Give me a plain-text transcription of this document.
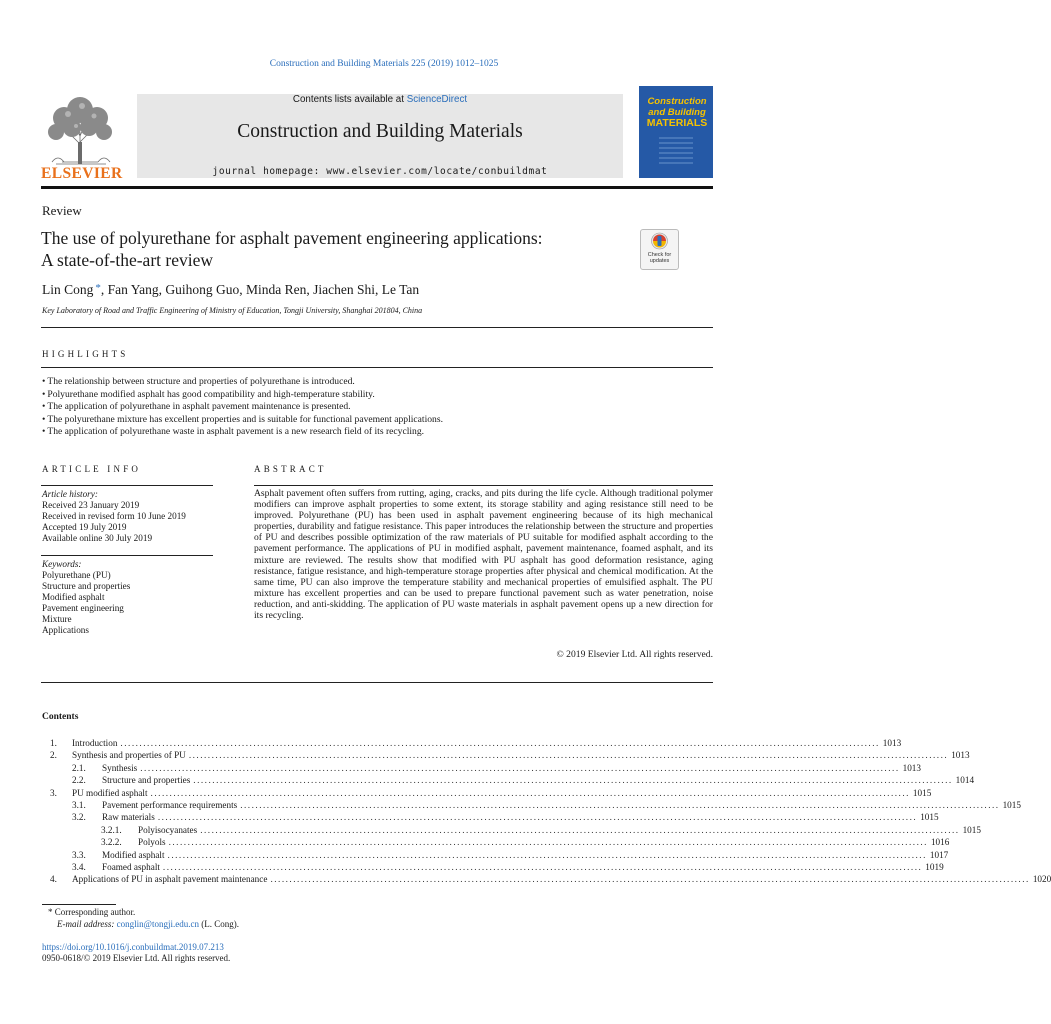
Construction and Building Materials 225 (2019) 1012–1025
ELSEVIER
Contents lists available at ScienceDirect
Construction and Building Materials
journal homepage: www.elsevier.com/locate/conbuildmat
Construction
and Building
MATERIALS
Review
The use of polyurethane for asphalt pavement engineering applications:
A state-of-the-art review	Check for
updates
Lin Cong *, Fan Yang, Guihong Guo, Minda Ren, Jiachen Shi, Le Tan
Key Laboratory of Road and Traffic Engineering of Ministry of Education, Tongji University, Shanghai 201804, China
HIGHLIGHTS
• The relationship between structure and properties of polyurethane is introduced.
• Polyurethane modified asphalt has good compatibility and high-temperature stability.
• The application of polyurethane in asphalt pavement maintenance is presented.
• The polyurethane mixture has excellent properties and is suitable for functional pavement applications.
• The application of polyurethane waste in asphalt pavement is a new research field of its recycling.
ARTICLE INFO
Article history:
Received 23 January 2019
Received in revised form 10 June 2019
Accepted 19 July 2019
Available online 30 July 2019
Keywords:
Polyurethane (PU)
Structure and properties
Modified asphalt
Pavement engineering
Mixture
Applications
ABSTRACT
Asphalt pavement often suffers from rutting, aging, cracks, and pits during the life cycle. Although traditional polymer modifiers can improve asphalt properties to some extent, its storage stability and aging resistance still need to be improved. Polyurethane (PU) has been used in asphalt pavement engineering because of its high mechanical properties, durability and fatigue resistance. This paper introduces the relationship between the structure and properties of PU and describes possible optimization of the raw materials of PU suitable for modified asphalt according to the pavement performance. The applications of PU in modified asphalt, pavement maintenance, foamed asphalt, and its mixture are reviewed. The results show that modified with PU asphalt has good deformation resistance, aging resistance, fatigue resistance, and high-temperature storage properties after physical and chemical modification. At the same time, PU can also improve the temperature stability and mechanical properties of emulsified asphalt. The PU mixture has excellent properties and can be used to prepare functional pavement such as water penetration, noise reduction, and anti-skidding. The application of PU waste materials in asphalt pavement opens up a new direction for its recycling.
© 2019 Elsevier Ltd. All rights reserved.
Contents
1. Introduction ........................................................................................................................................................................................................ 1013
2. Synthesis and properties of PU ........................................................................................................................................................................................................ 1013
2.1. Synthesis ........................................................................................................................................................................................................ 1013
2.2. Structure and properties ........................................................................................................................................................................................................ 1014
3. PU modified asphalt ........................................................................................................................................................................................................ 1015
3.1. Pavement performance requirements ........................................................................................................................................................................................................ 1015
3.2. Raw materials ........................................................................................................................................................................................................ 1015
3.2.1. Polyisocyanates ........................................................................................................................................................................................................ 1015
3.2.2. Polyols ........................................................................................................................................................................................................ 1016
3.3. Modified asphalt ........................................................................................................................................................................................................ 1017
3.4. Foamed asphalt ........................................................................................................................................................................................................ 1019
4. Applications of PU in asphalt pavement maintenance ........................................................................................................................................................................................................ 1020
* Corresponding author.
E-mail address: conglin@tongji.edu.cn (L. Cong).
https://doi.org/10.1016/j.conbuildmat.2019.07.213
0950-0618/© 2019 Elsevier Ltd. All rights reserved.
